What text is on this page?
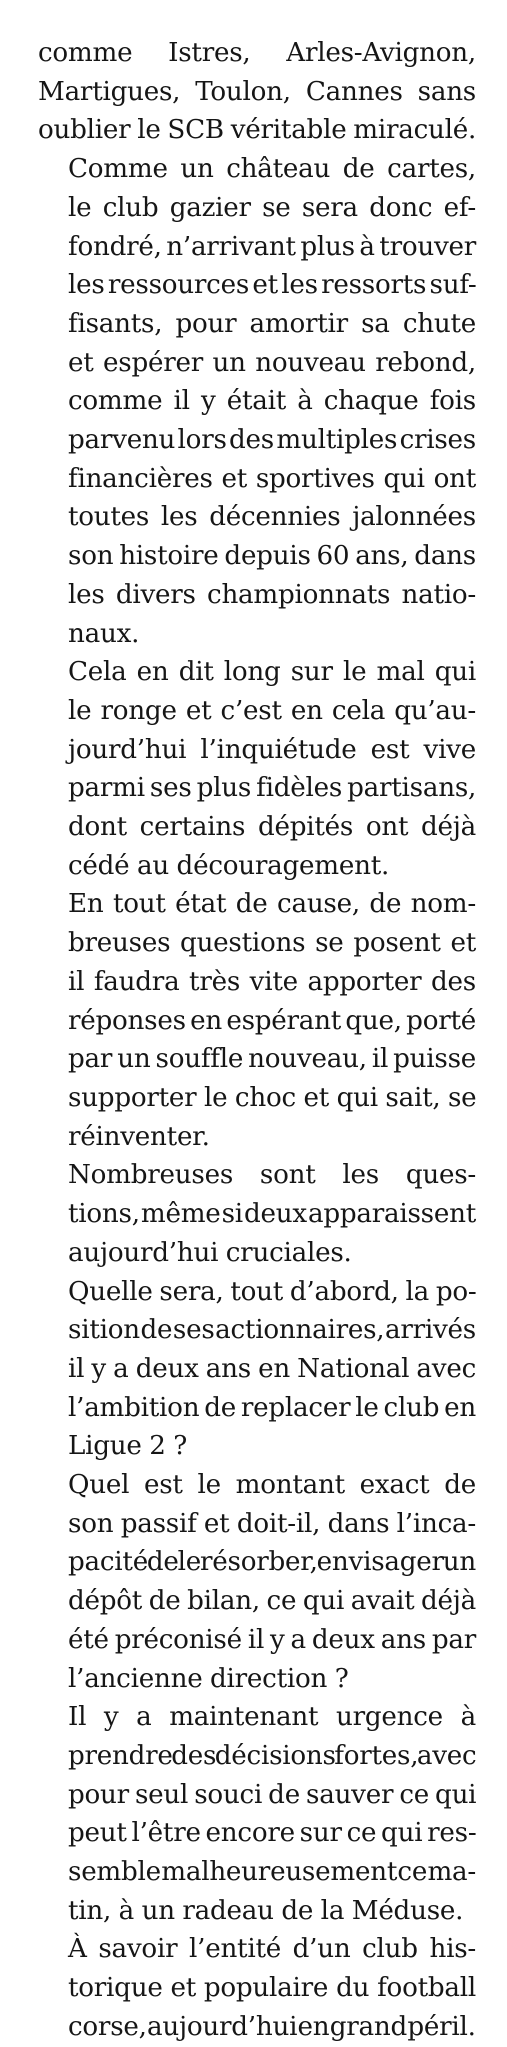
comme Istres, Arles-Avignon,
Martigues, Toulon, Cannes sans
oublier le SCB véritable miraculé.

Comme un château de cartes,
le club gazier se sera donc ef-
fondré, n’arrivant plus à trouver
les ressources et les ressorts suf-
fisants, pour amortir sa chute
et espérer un nouveau rebond,
comme il y était à chaque fois
parvenu lors des multiples crises
financières et sportives qui ont
toutes les décennies jalonnées
son histoire depuis 60 ans, dans
les divers championnats natio-
naux.

Cela en dit long sur le mal qui
le ronge et c’est en cela qu’au-
jourd’hui l’inquiétude est vive
parmi ses plus fidèles partisans,
dont certains dépités ont déjà
cédé au découragement.

En tout état de cause, de nom-
breuses questions se posent et
il faudra très vite apporter des
réponses en espérant que, porté
par un souffle nouveau, il puisse
supporter le choc et qui sait, se
réinventer.

Nombreuses sont les ques-
tions, même si deux apparaissent
aujourd’hui cruciales.

Quelle sera, tout d’abord, la po-
sition de ses actionnaires, arrivés
il y a deux ans en National avec
l’ambition de replacer le club en
Ligue 2 ?

Quel est le montant exact de
son passif et doit-il, dans l’inca-
pacité de le résorber, envisager un
dépôt de bilan, ce qui avait déjà
été préconisé il y a deux ans par
l’ancienne direction ?

Il y a maintenant urgence à
prendre des décisions fortes, avec
pour seul souci de sauver ce qui
peut l’être encore sur ce qui res-
semble malheureusement ce ma-
tin, à un radeau de la Méduse.

À savoir l’entité d’un club his-
torique et populaire du football
corse, aujourd’hui en grand péril.
